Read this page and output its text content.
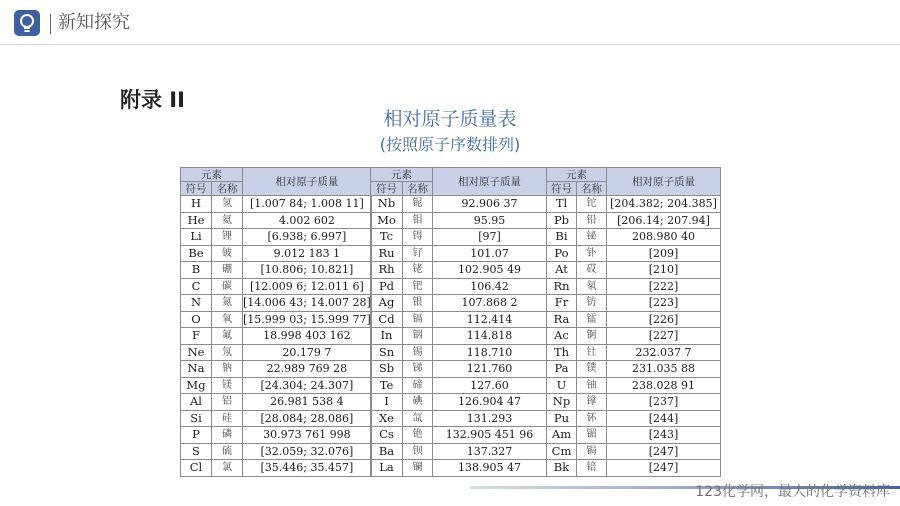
新知探究
附录 II
相对原子质量表
(按照原子序数排列)
元素		相对原子质量
符号	名称	
H	氢	[1.007 84; 1.008 11]
He	氦	4.002 602
Li	锂	[6.938; 6.997]
Be	铍	9.012 183 1
B	硼	[10.806; 10.821]
C	碳	[12.009 6; 12.011 6]
N	氮	[14.006 43; 14.007 28]
O	氧	[15.999 03; 15.999 77]
F	氟	18.998 403 162
Ne	氖	20.179 7
Na	钠	22.989 769 28
Mg	镁	[24.304; 24.307]
Al	铝	26.981 538 4
Si	硅	[28.084; 28.086]
P	磷	30.973 761 998
S	硫	[32.059; 32.076]
Cl	氯	[35.446; 35.457]
元素		相对原子质量
符号	名称	
Nb	铌	92.906 37
Mo	钼	95.95
Tc	锝	[97]
Ru	钌	101.07
Rh	铑	102.905 49
Pd	钯	106.42
Ag	银	107.868 2
Cd	镉	112.414
In	铟	114.818
Sn	锡	118.710
Sb	锑	121.760
Te	碲	127.60
I	碘	126.904 47
Xe	氙	131.293
Cs	铯	132.905 451 96
Ba	钡	137.327
La	镧	138.905 47
元素		相对原子质量
符号	名称	
Tl	铊	[204.382; 204.385]
Pb	铅	[206.14; 207.94]
Bi	铋	208.980 40
Po	钋	[209]
At	砹	[210]
Rn	氡	[222]
Fr	钫	[223]
Ra	镭	[226]
Ac	锕	[227]
Th	钍	232.037 7
Pa	镤	231.035 88
U	铀	238.028 91
Np	镎	[237]
Pu	钚	[244]
Am	镅	[243]
Cm	锔	[247]
Bk	锫	[247]
123化学网，最大的化学资料库
